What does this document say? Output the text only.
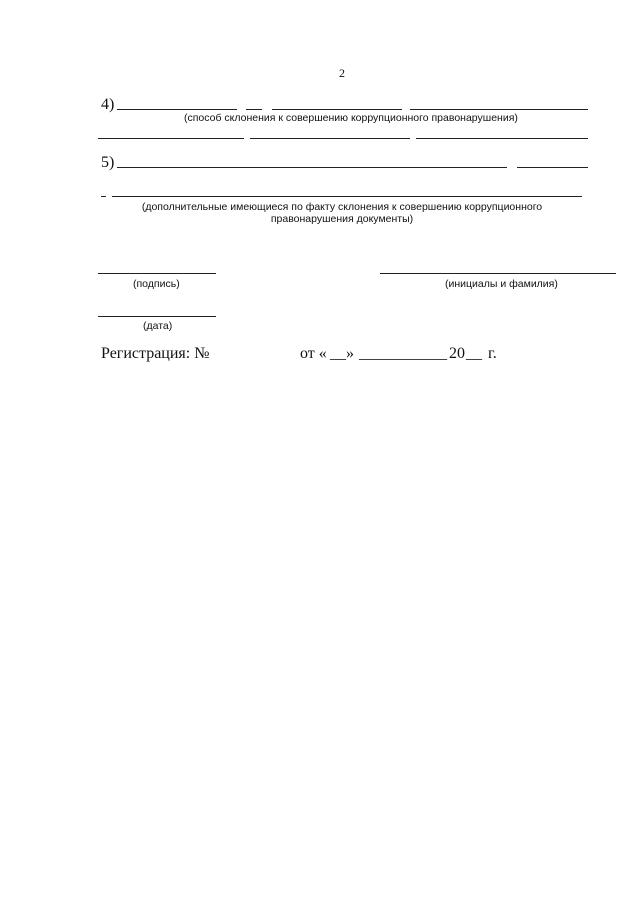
2
4)
(способ склонения к совершению коррупционного правонарушения)
5)
(дополнительные имеющиеся по факту склонения к совершению коррупционного
правонарушения документы)
(подпись)	(инициалы и фамилия)
(дата)
Регистрация: №	от « __ » ___________ 20 __ г.
